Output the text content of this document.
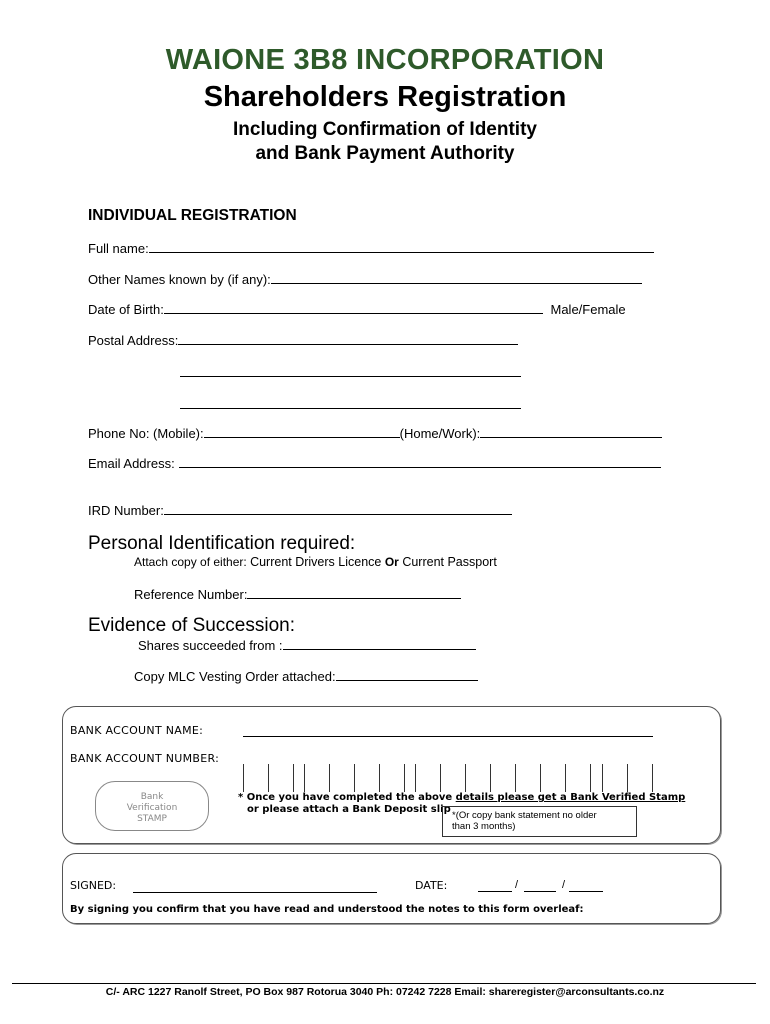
WAIONE 3B8 INCORPORATION
Shareholders Registration
Including Confirmation of Identity
and Bank Payment Authority
INDIVIDUAL REGISTRATION
Full name:
Other Names known by (if any):
Date of Birth:	Male/Female
Postal Address:
Phone No: (Mobile):	(Home/Work):
Email Address:
IRD Number:
Personal Identification required:
Attach copy of either: Current Drivers Licence Or Current Passport
Reference Number:
Evidence of Succession:
Shares succeeded from :
Copy MLC Vesting Order attached:
BANK ACCOUNT NAME:
BANK ACCOUNT NUMBER:
Bank
Verification
STAMP
* Once you have completed the above details please get a Bank Verified Stamp
or please attach a Bank Deposit slip
*(Or copy bank statement no older
than 3 months)
SIGNED:	DATE:	/	/
By signing you confirm that you have read and understood the notes to this form overleaf:
C/- ARC 1227 Ranolf Street, PO Box 987 Rotorua 3040 Ph: 07242 7228 Email: shareregister@arconsultants.co.nz
